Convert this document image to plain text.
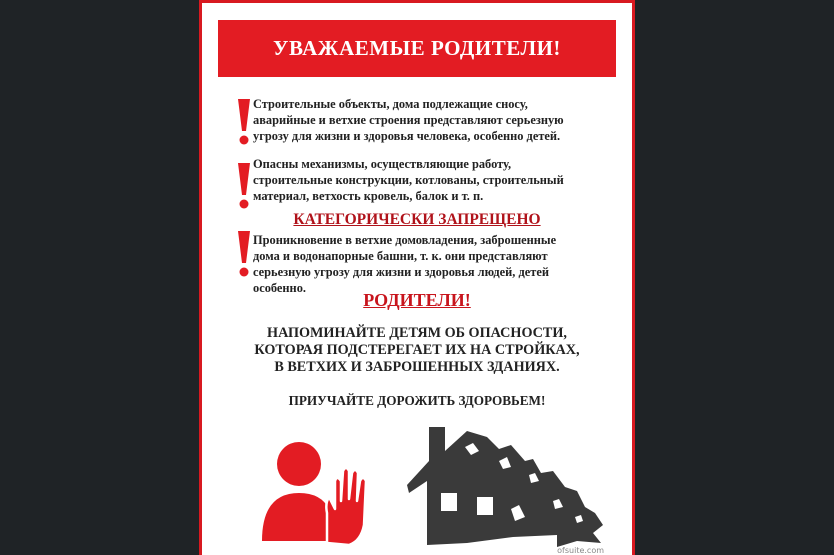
УВАЖАЕМЫЕ РОДИТЕЛИ!

Строительные объекты, дома подлежащие сносу,
аварийные и ветхие строения представляют серьезную
угрозу для жизни и здоровья человека, особенно детей.

Опасны механизмы, осуществляющие работу,
строительные конструкции, котлованы, строительный
материал, ветхость кровель, балок и т. п.

КАТЕГОРИЧЕСКИ ЗАПРЕЩЕНО

Проникновение в ветхие домовладения, заброшенные
дома и водонапорные башни, т. к. они представляют
серьезную угрозу для жизни и здоровья людей, детей
особенно.

РОДИТЕЛИ!

НАПОМИНАЙТЕ ДЕТЯМ ОБ ОПАСНОСТИ,
КОТОРАЯ ПОДСТЕРЕГАЕТ ИХ НА СТРОЙКАХ,
В ВЕТХИХ И ЗАБРОШЕННЫХ ЗДАНИЯХ.

ПРИУЧАЙТЕ ДОРОЖИТЬ ЗДОРОВЬЕМ!
ofsuite.com
